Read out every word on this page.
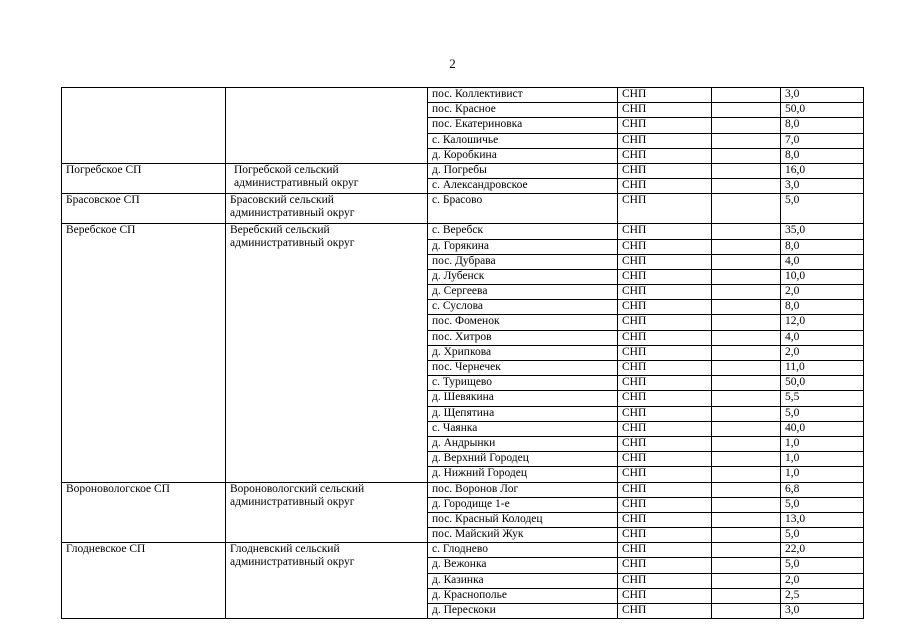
2
		пос. Коллективист	СНП		3,0
		пос. Красное	СНП		50,0
		пос. Екатериновка	СНП		8,0
		с. Калошичье	СНП		7,0
		д. Коробкина	СНП		8,0
Погребское СП	Погребской сельский административный округ	д. Погребы	СНП		16,0
		с. Александровское	СНП		3,0
Брасовское СП	Брасовский сельский административный округ	с. Брасово	СНП		5,0
Веребское СП	Веребский сельский административный округ	с. Веребск	СНП		35,0
		д. Горякина	СНП		8,0
		пос. Дубрава	СНП		4,0
		д. Лубенск	СНП		10,0
		д. Сергеева	СНП		2,0
		с. Суслова	СНП		8,0
		пос. Фоменок	СНП		12,0
		пос. Хитров	СНП		4,0
		д. Хрипкова	СНП		2,0
		пос. Чернечек	СНП		11,0
		с. Турищево	СНП		50,0
		д. Шевякина	СНП		5,5
		д. Щепятина	СНП		5,0
		с. Чаянка	СНП		40,0
		д. Андрынки	СНП		1,0
		д. Верхний Городец	СНП		1,0
		д. Нижний Городец	СНП		1,0
Вороновологское СП	Вороновологский сельский административный округ	пос. Воронов Лог	СНП		6,8
		д. Городище 1-е	СНП		5,0
		пос. Красный Колодец	СНП		13,0
		пос. Майский Жук	СНП		5,0
Глодневское СП	Глодневский сельский административный округ	с. Глоднево	СНП		22,0
		д. Вежонка	СНП		5,0
		д. Казинка	СНП		2,0
		д. Краснополье	СНП		2,5
		д. Перескоки	СНП		3,0
